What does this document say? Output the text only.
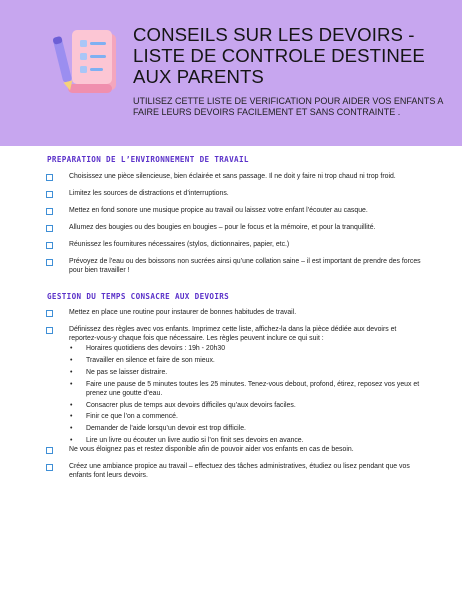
CONSEILS SUR LES DEVOIRS - LISTE DE CONTROLE DESTINEE AUX PARENTS

UTILISEZ CETTE LISTE DE VERIFICATION POUR AIDER VOS ENFANTS A FAIRE LEURS DEVOIRS FACILEMENT ET SANS CONTRAINTE .

PREPARATION DE L’ENVIRONNEMENT DE TRAVAIL
Choisissez une pièce silencieuse, bien éclairée et sans passage. Il ne doit y faire ni trop chaud ni trop froid.
Limitez les sources de distractions et d’interruptions.
Mettez en fond sonore une musique propice au travail ou laissez votre enfant l’écouter au casque.
Allumez des bougies ou des bougies en bougies – pour le focus et la mémoire, et pour la tranquillité.
Réunissez les fournitures nécessaires (stylos, dictionnaires, papier, etc.)
Prévoyez de l’eau ou des boissons non sucrées ainsi qu’une collation saine – il est important de prendre des forces pour bien travailler !
GESTION DU TEMPS CONSACRE AUX DEVOIRS
Mettez en place une routine pour instaurer de bonnes habitudes de travail.
Définissez des règles avec vos enfants. Imprimez cette liste, affichez-la dans la pièce dédiée aux devoirs et reportez-vous-y chaque fois que nécessaire. Les règles peuvent inclure ce qui suit :
• Horaires quotidiens des devoirs : 19h - 20h30
• Travailler en silence et faire de son mieux.
• Ne pas se laisser distraire.
• Faire une pause de 5 minutes toutes les 25 minutes. Tenez-vous debout, profond, étirez, reposez vos yeux et prenez une goutte d’eau.
• Consacrer plus de temps aux devoirs difficiles qu’aux devoirs faciles.
• Finir ce que l’on a commencé.
• Demander de l’aide lorsqu’un devoir est trop difficile.
• Lire un livre ou écouter un livre audio si l’on finit ses devoirs en avance.
Ne vous éloignez pas et restez disponible afin de pouvoir aider vos enfants en cas de besoin.
Créez une ambiance propice au travail – effectuez des tâches administratives, étudiez ou lisez pendant que vos enfants font leurs devoirs.
